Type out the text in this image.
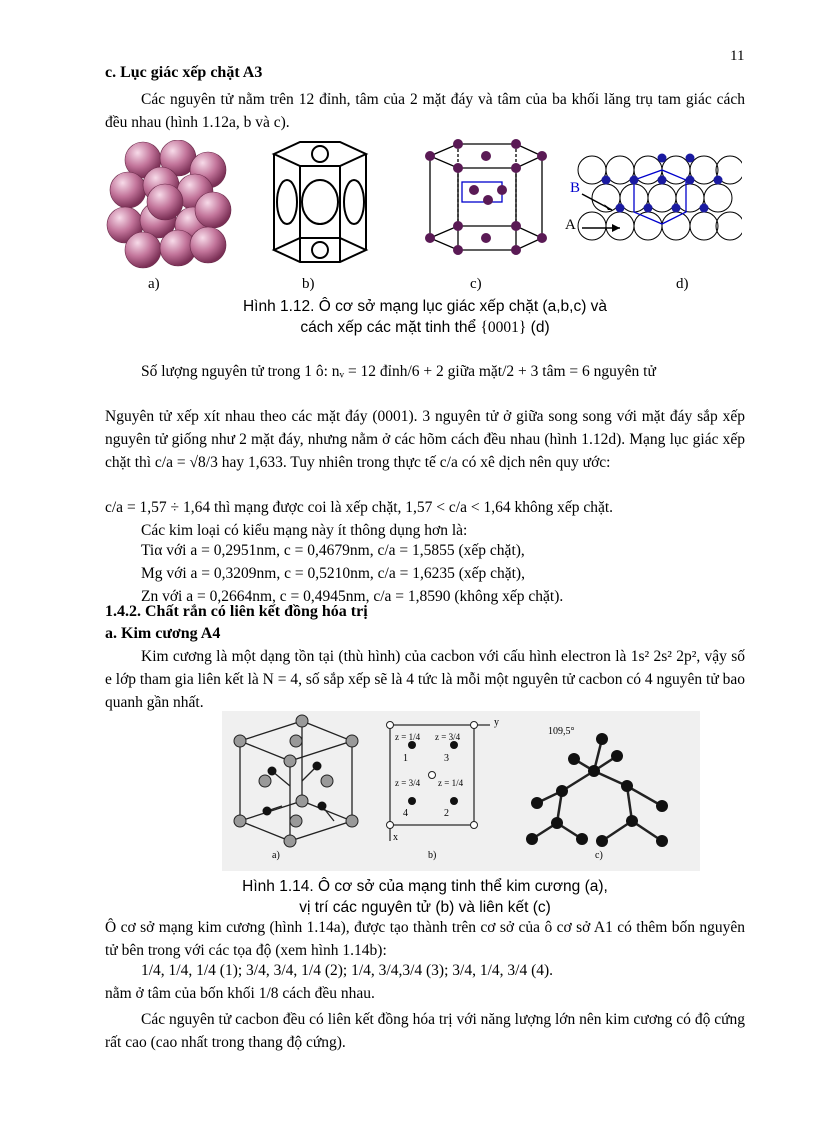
11
c. Lục giác xếp chặt A3

Các nguyên tử nằm trên 12 đỉnh, tâm của 2 mặt đáy và tâm của ba khối lăng trụ tam giác cách đều nhau (hình 1.12a, b và c).

B
A
a)	b)	c)	d)
Hình 1.12. Ô cơ sở mạng lục giác xếp chặt (a,b,c) và
cách xếp các mặt tinh thể {0001} (d)

Số lượng nguyên tử trong 1 ô: nᵥ = 12 đỉnh/6 + 2 giữa mặt/2 + 3 tâm = 6 nguyên tử

Nguyên tử xếp xít nhau theo các mặt đáy (0001). 3 nguyên tử ở giữa song song với mặt đáy sắp xếp nguyên tử giống như 2 mặt đáy, nhưng nằm ở các hõm cách đều nhau (hình 1.12d). Mạng lục giác xếp chặt thì c/a = √8/3 hay 1,633. Tuy nhiên trong thực tế c/a có xê dịch nên quy ước:

c/a = 1,57 ÷ 1,64 thì mạng được coi là xếp chặt, 1,57 < c/a < 1,64 không xếp chặt.

Các kim loại có kiểu mạng này ít thông dụng hơn là:

Tiα với a = 0,2951nm, c = 0,4679nm, c/a = 1,5855 (xếp chặt),
Mg với a = 0,3209nm, c = 0,5210nm, c/a = 1,6235 (xếp chặt),
Zn với a = 0,2664nm, c = 0,4945nm, c/a = 1,8590 (không xếp chặt).
1.4.2. Chất rắn có liên kết đồng hóa trị
a. Kim cương A4

Kim cương là một dạng tồn tại (thù hình) của cacbon với cấu hình electron là 1s² 2s² 2p², vậy số e lớp tham gia liên kết là N = 4, số sắp xếp sẽ là 4 tức là mỗi một nguyên tử cacbon có 4 nguyên tử bao quanh gần nhất.

a)	b)	c)
z = 1/4 z = 3/4
z = 3/4 z = 1/4
1
2
3
4
x
y
109,5°
Hình 1.14. Ô cơ sở của mạng tinh thể kim cương (a),
vị trí các nguyên tử (b) và liên kết (c)

Ô cơ sở mạng kim cương (hình 1.14a), được tạo thành trên cơ sở của ô cơ sở A1 có thêm bốn nguyên tử bên trong với các tọa độ (xem hình 1.14b):

1/4, 1/4, 1/4 (1); 3/4, 3/4, 1/4 (2); 1/4, 3/4,3/4 (3); 3/4, 1/4, 3/4 (4).
nằm ở tâm của bốn khối 1/8 cách đều nhau.

Các nguyên tử cacbon đều có liên kết đồng hóa trị với năng lượng lớn nên kim cương có độ cứng rất cao (cao nhất trong thang độ cứng).
